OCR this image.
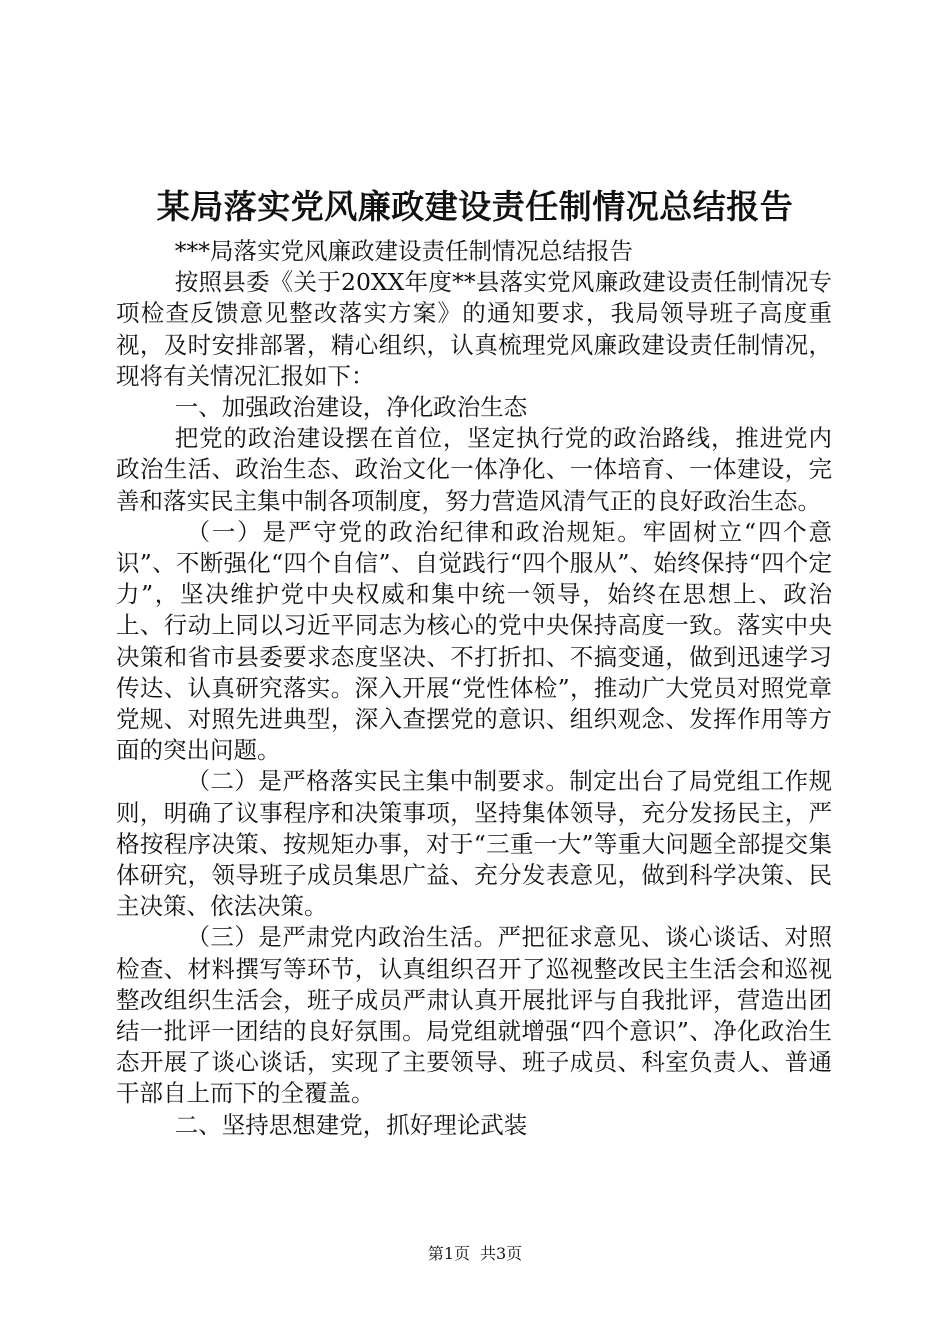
某局落实党风廉政建设责任制情况总结报告

***局落实党风廉政建设责任制情况总结报告

按照县委《关于20XX年度**县落实党风廉政建设责任制情况专项检查反馈意见整改落实方案》的通知要求，我局领导班子高度重视，及时安排部署，精心组织，认真梳理党风廉政建设责任制情况，现将有关情况汇报如下：

一、加强政治建设，净化政治生态

把党的政治建设摆在首位，坚定执行党的政治路线，推进党内政治生活、政治生态、政治文化一体净化、一体培育、一体建设，完善和落实民主集中制各项制度，努力营造风清气正的良好政治生态。

（一）是严守党的政治纪律和政治规矩。牢固树立“四个意识”、不断强化“四个自信”、自觉践行“四个服从”、始终保持“四个定力”，坚决维护党中央权威和集中统一领导，始终在思想上、政治上、行动上同以习近平同志为核心的党中央保持高度一致。落实中央决策和省市县委要求态度坚决、不打折扣、不搞变通，做到迅速学习传达、认真研究落实。深入开展“党性体检”，推动广大党员对照党章党规、对照先进典型，深入查摆党的意识、组织观念、发挥作用等方面的突出问题。

（二）是严格落实民主集中制要求。制定出台了局党组工作规则，明确了议事程序和决策事项，坚持集体领导，充分发扬民主，严格按程序决策、按规矩办事，对于“三重一大”等重大问题全部提交集体研究，领导班子成员集思广益、充分发表意见，做到科学决策、民主决策、依法决策。

（三）是严肃党内政治生活。严把征求意见、谈心谈话、对照检查、材料撰写等环节，认真组织召开了巡视整改民主生活会和巡视整改组织生活会，班子成员严肃认真开展批评与自我批评，营造出团结一批评一团结的良好氛围。局党组就增强“四个意识”、净化政治生态开展了谈心谈话，实现了主要领导、班子成员、科室负责人、普通干部自上而下的全覆盖。

二、坚持思想建党，抓好理论武装

第1页 共3页
